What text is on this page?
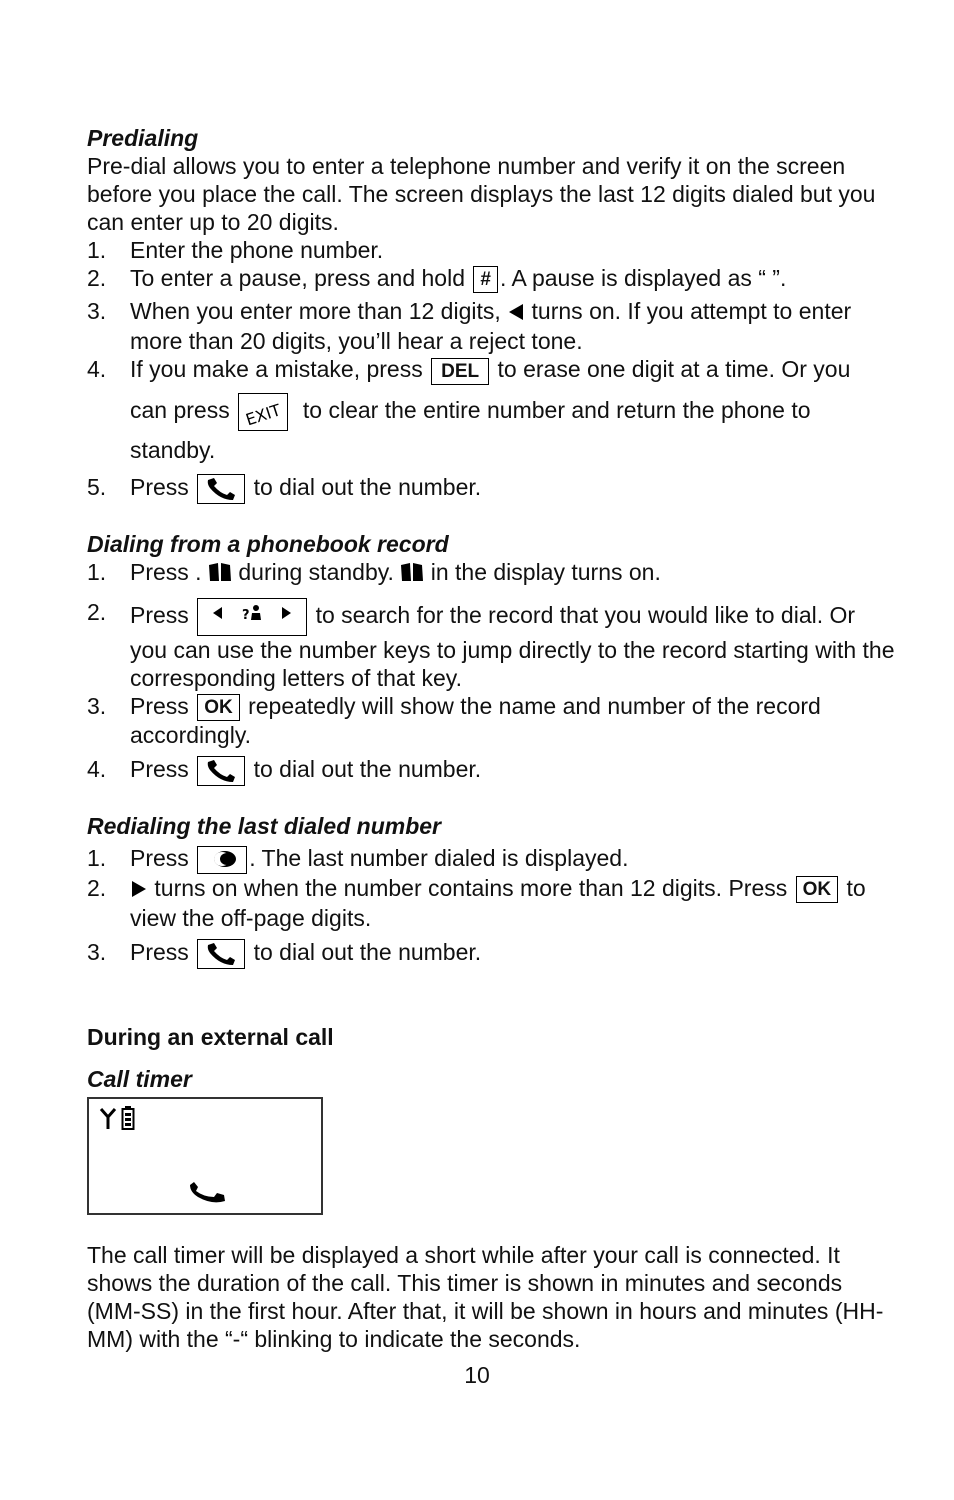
Predialing

Pre-dial allows you to enter a telephone number and verify it on the screen before you place the call. The screen displays the last 12 digits dialed but you can enter up to 20 digits.

1. Enter the phone number.
2. To enter a pause, press and hold # . A pause is displayed as “ ”.
3. When you enter more than 12 digits, turns on. If you attempt to enter more than 20 digits, you’ll hear a reject tone.
4. If you make a mistake, press DEL to erase one digit at a time. Or you
can press EXIT to clear the entire number and return the phone to standby.
5. Press	to dial out the number.
Dialing from a phonebook record
1. Press . during standby. in the display turns on.
2. Press	?	to search for the record that you would like to dial. Or you can use the number keys to jump directly to the record starting with the corresponding letters of that key.
3. Press OK repeatedly will show the name and number of the record accordingly.
4. Press	to dial out the number.
Redialing the last dialed number
1. Press	. The last number dialed is displayed.
2. turns on when the number contains more than 12 digits. Press OK to view the off-page digits.
3. Press	to dial out the number.
During an external call
Call timer

The call timer will be displayed a short while after your call is connected. It shows the duration of the call. This timer is shown in minutes and seconds (MM-SS) in the first hour. After that, it will be shown in hours and minutes (HH-MM) with the “-“ blinking to indicate the seconds.

10
